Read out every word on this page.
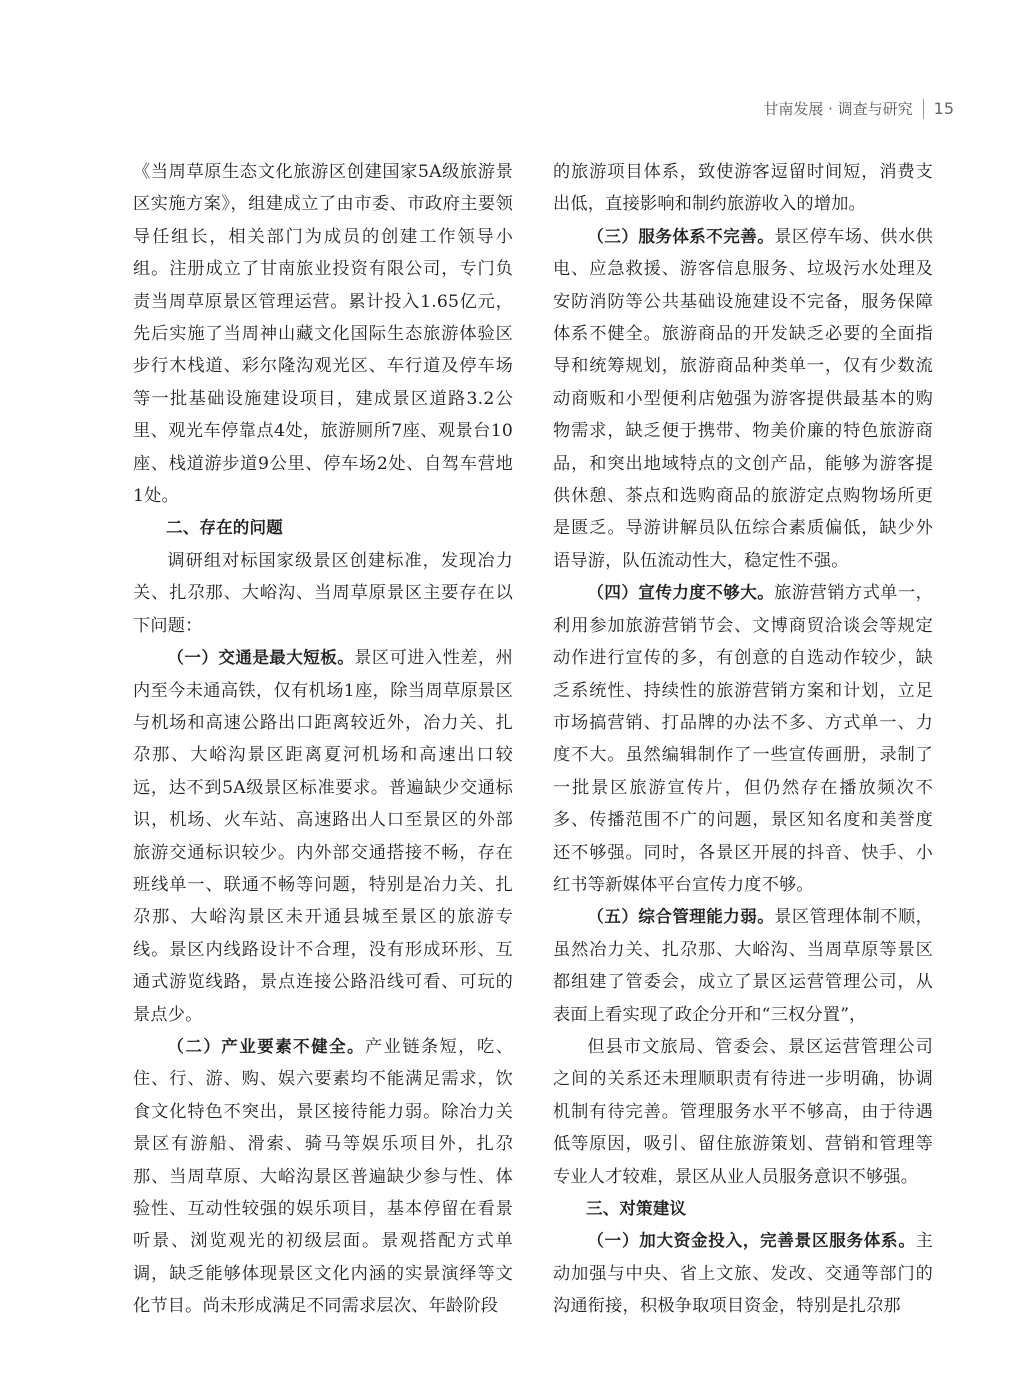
甘南发展 · 调查与研究 15

《当周草原生态文化旅游区创建国家5A级旅游景区实施方案》，组建成立了由市委、市政府主要领导任组长，相关部门为成员的创建工作领导小组。注册成立了甘南旅业投资有限公司，专门负责当周草原景区管理运营。累计投入1.65亿元，先后实施了当周神山藏文化国际生态旅游体验区步行木栈道、彩尔隆沟观光区、车行道及停车场等一批基础设施建设项目，建成景区道路3.2公里、观光车停靠点4处，旅游厕所7座、观景台10座、栈道游步道9公里、停车场2处、自驾车营地1处。

二、存在的问题

调研组对标国家级景区创建标准，发现冶力关、扎尕那、大峪沟、当周草原景区主要存在以下问题：

（一）交通是最大短板。景区可进入性差，州内至今未通高铁，仅有机场1座，除当周草原景区与机场和高速公路出口距离较近外，冶力关、扎尕那、大峪沟景区距离夏河机场和高速出口较远，达不到5A级景区标准要求。普遍缺少交通标识，机场、火车站、高速路出人口至景区的外部旅游交通标识较少。内外部交通搭接不畅，存在班线单一、联通不畅等问题，特别是冶力关、扎尕那、大峪沟景区未开通县城至景区的旅游专线。景区内线路设计不合理，没有形成环形、互通式游览线路，景点连接公路沿线可看、可玩的景点少。

（二）产业要素不健全。产业链条短，吃、住、行、游、购、娱六要素均不能满足需求，饮食文化特色不突出，景区接待能力弱。除冶力关景区有游船、滑索、骑马等娱乐项目外，扎尕那、当周草原、大峪沟景区普遍缺少参与性、体验性、互动性较强的娱乐项目，基本停留在看景听景、浏览观光的初级层面。景观搭配方式单调，缺乏能够体现景区文化内涵的实景演绎等文化节目。尚未形成满足不同需求层次、年龄阶段

的旅游项目体系，致使游客逗留时间短，消费支出低，直接影响和制约旅游收入的增加。

（三）服务体系不完善。景区停车场、供水供电、应急救援、游客信息服务、垃圾污水处理及安防消防等公共基础设施建设不完备，服务保障体系不健全。旅游商品的开发缺乏必要的全面指导和统筹规划，旅游商品种类单一，仅有少数流动商贩和小型便利店勉强为游客提供最基本的购物需求，缺乏便于携带、物美价廉的特色旅游商品，和突出地域特点的文创产品，能够为游客提供休憩、茶点和选购商品的旅游定点购物场所更是匮乏。导游讲解员队伍综合素质偏低，缺少外语导游，队伍流动性大，稳定性不强。

（四）宣传力度不够大。旅游营销方式单一，利用参加旅游营销节会、文博商贸洽谈会等规定动作进行宣传的多，有创意的自选动作较少，缺乏系统性、持续性的旅游营销方案和计划，立足市场搞营销、打品牌的办法不多、方式单一、力度不大。虽然编辑制作了一些宣传画册，录制了一批景区旅游宣传片，但仍然存在播放频次不多、传播范围不广的问题，景区知名度和美誉度还不够强。同时，各景区开展的抖音、快手、小红书等新媒体平台宣传力度不够。

（五）综合管理能力弱。景区管理体制不顺，虽然冶力关、扎尕那、大峪沟、当周草原等景区都组建了管委会，成立了景区运营管理公司，从表面上看实现了政企分开和“三权分置”，

但县市文旅局、管委会、景区运营管理公司之间的关系还未理顺职责有待进一步明确，协调机制有待完善。管理服务水平不够高，由于待遇低等原因，吸引、留住旅游策划、营销和管理等专业人才较难，景区从业人员服务意识不够强。

三、对策建议

（一）加大资金投入，完善景区服务体系。主动加强与中央、省上文旅、发改、交通等部门的沟通衔接，积极争取项目资金，特别是扎尕那
